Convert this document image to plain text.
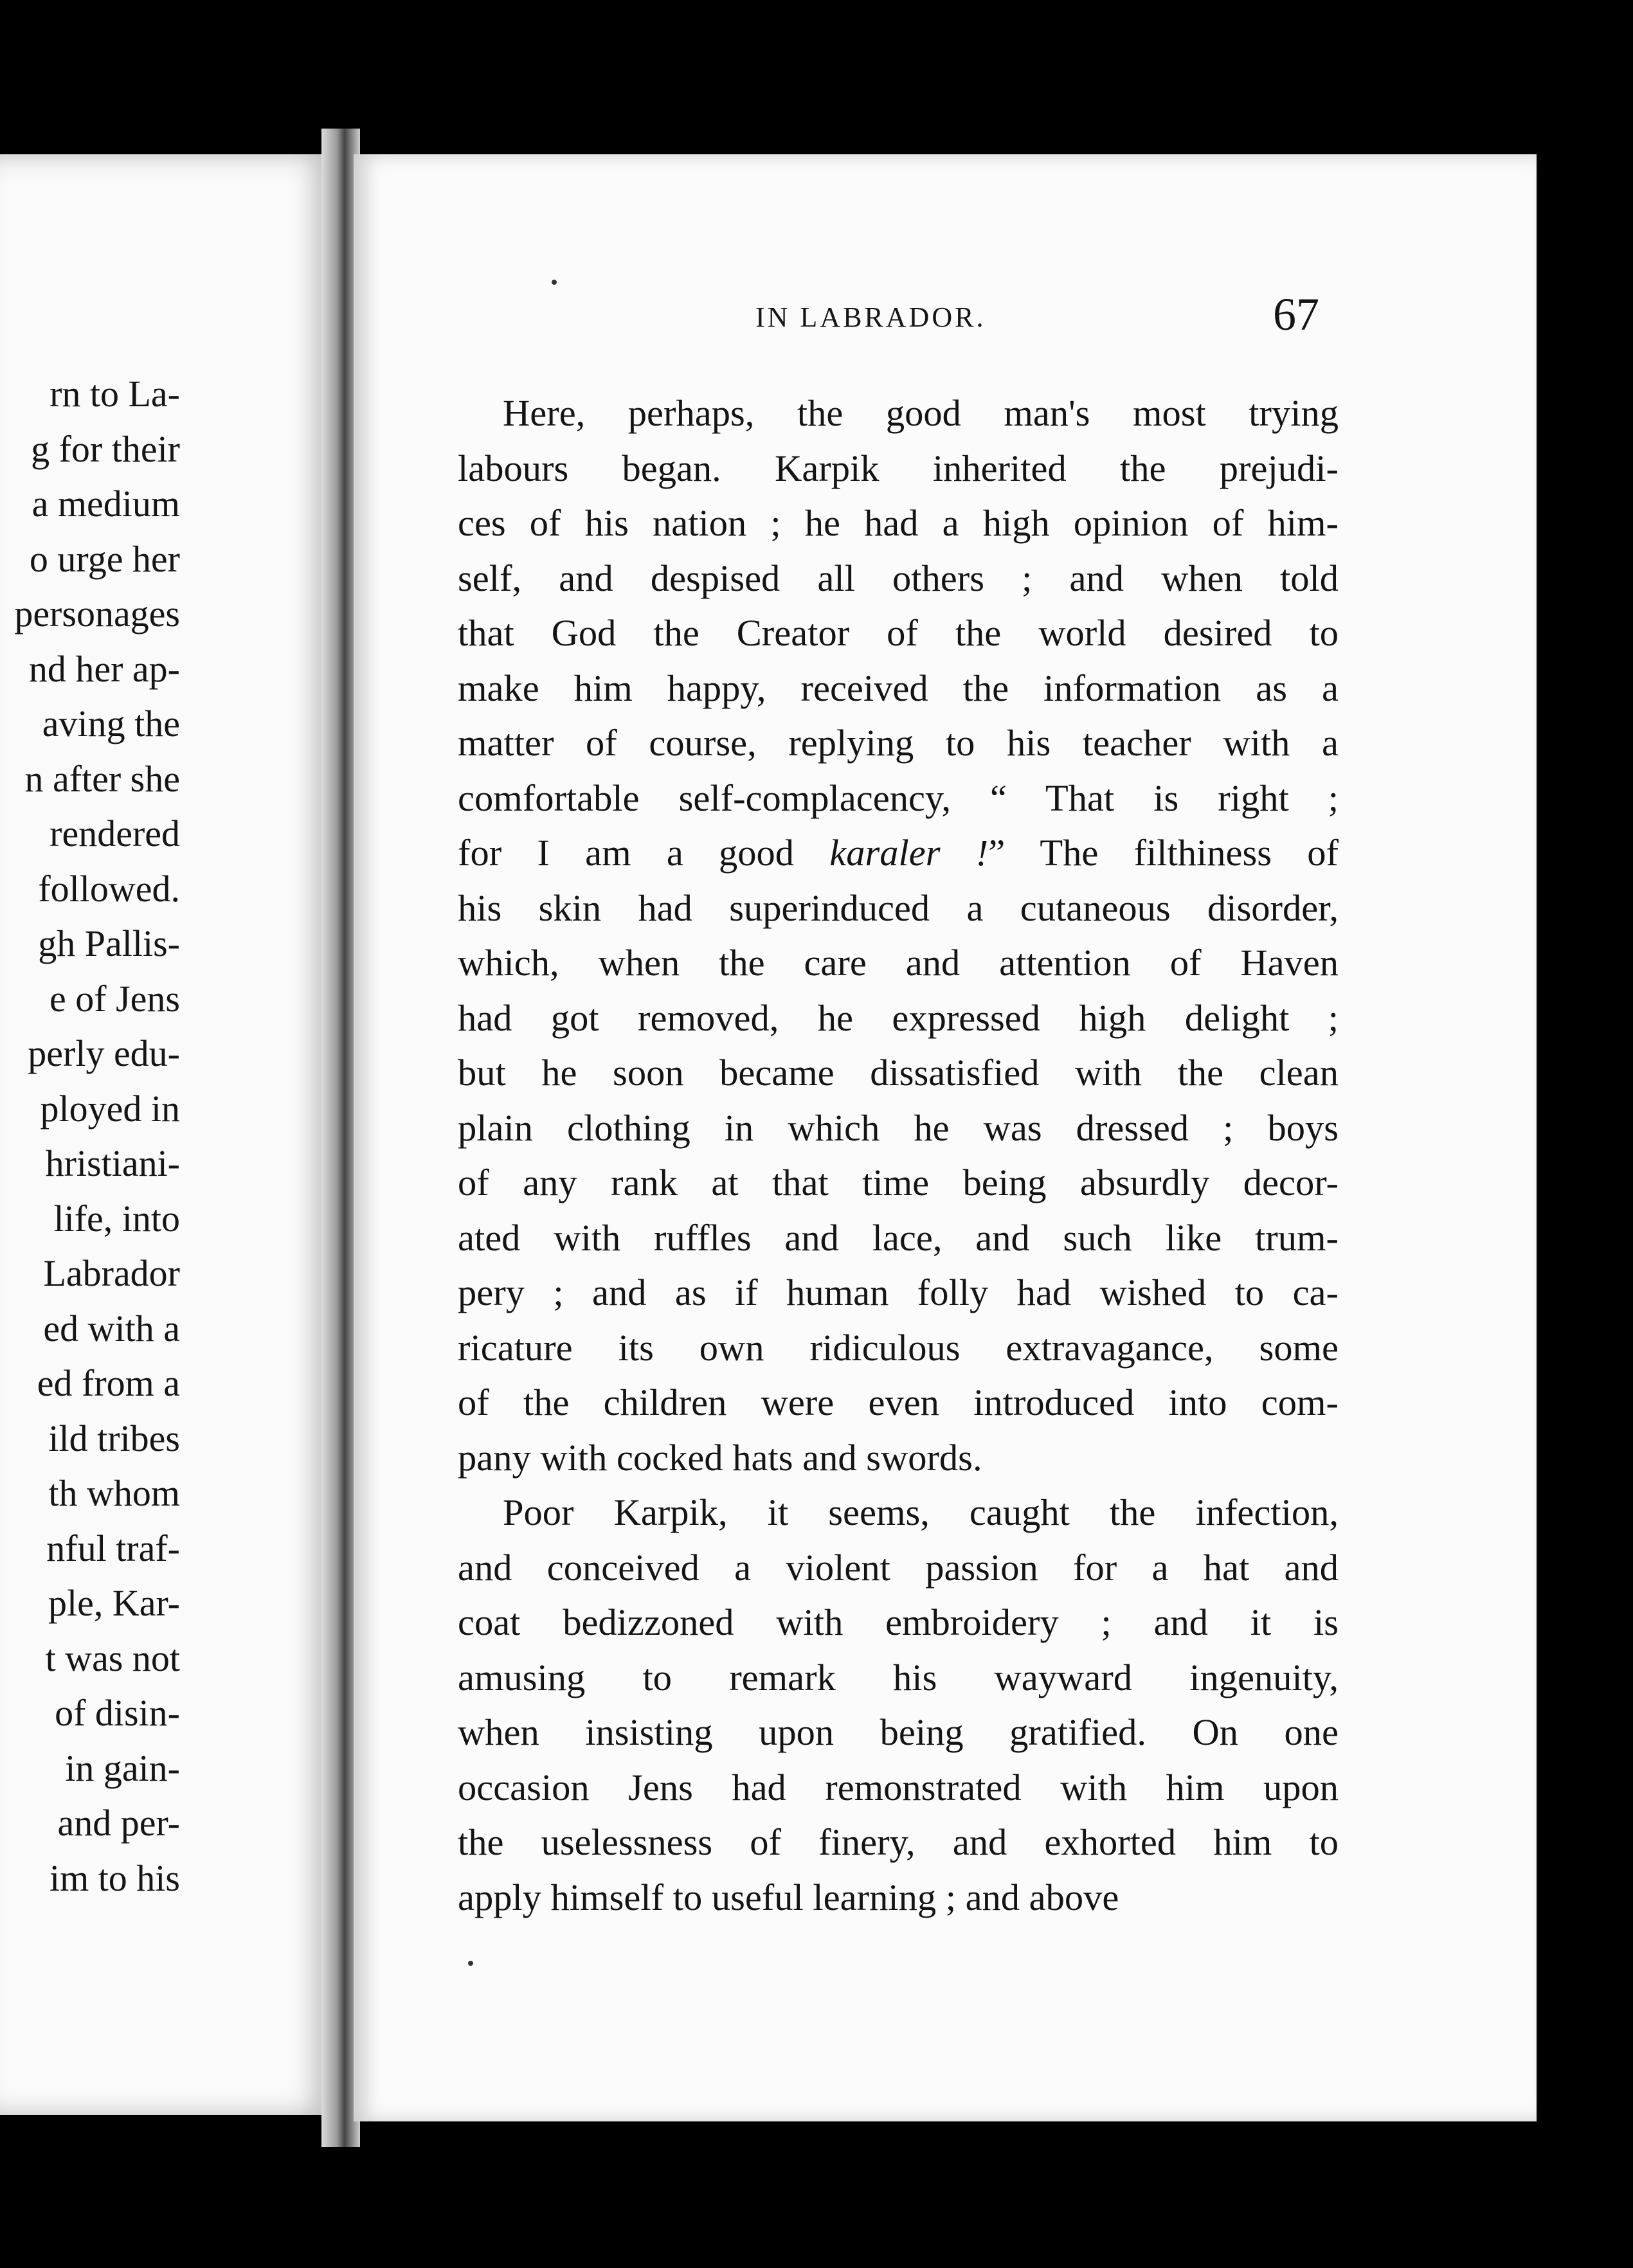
rn to La-
g for their
a medium
o urge her
personages
nd her ap-
aving the
n after she
rendered
followed.
gh Pallis-
e of Jens
perly edu-
ployed in
hristiani-
life, into
Labrador
ed with a
ed from a
ild tribes
th whom
nful traf-
ple, Kar-
t was not
of disin-
in gain-
and per-
im to his
IN LABRADOR.	67

Here, perhaps, the good man's most trying
labours began. Karpik inherited the prejudi-
ces of his nation ; he had a high opinion of him-
self, and despised all others ; and when told
that God the Creator of the world desired to
make him happy, received the information as a
matter of course, replying to his teacher with a
comfortable self-complacency, “ That is right ;
for I am a good karaler !” The filthiness of
his skin had superinduced a cutaneous disorder,
which, when the care and attention of Haven
had got removed, he expressed high delight ;
but he soon became dissatisfied with the clean
plain clothing in which he was dressed ; boys
of any rank at that time being absurdly decor-
ated with ruffles and lace, and such like trum-
pery ; and as if human folly had wished to ca-
ricature its own ridiculous extravagance, some
of the children were even introduced into com-
pany with cocked hats and swords.

Poor Karpik, it seems, caught the infection,
and conceived a violent passion for a hat and
coat bedizzoned with embroidery ; and it is
amusing to remark his wayward ingenuity,
when insisting upon being gratified. On one
occasion Jens had remonstrated with him upon
the uselessness of finery, and exhorted him to
apply himself to useful learning ; and above
